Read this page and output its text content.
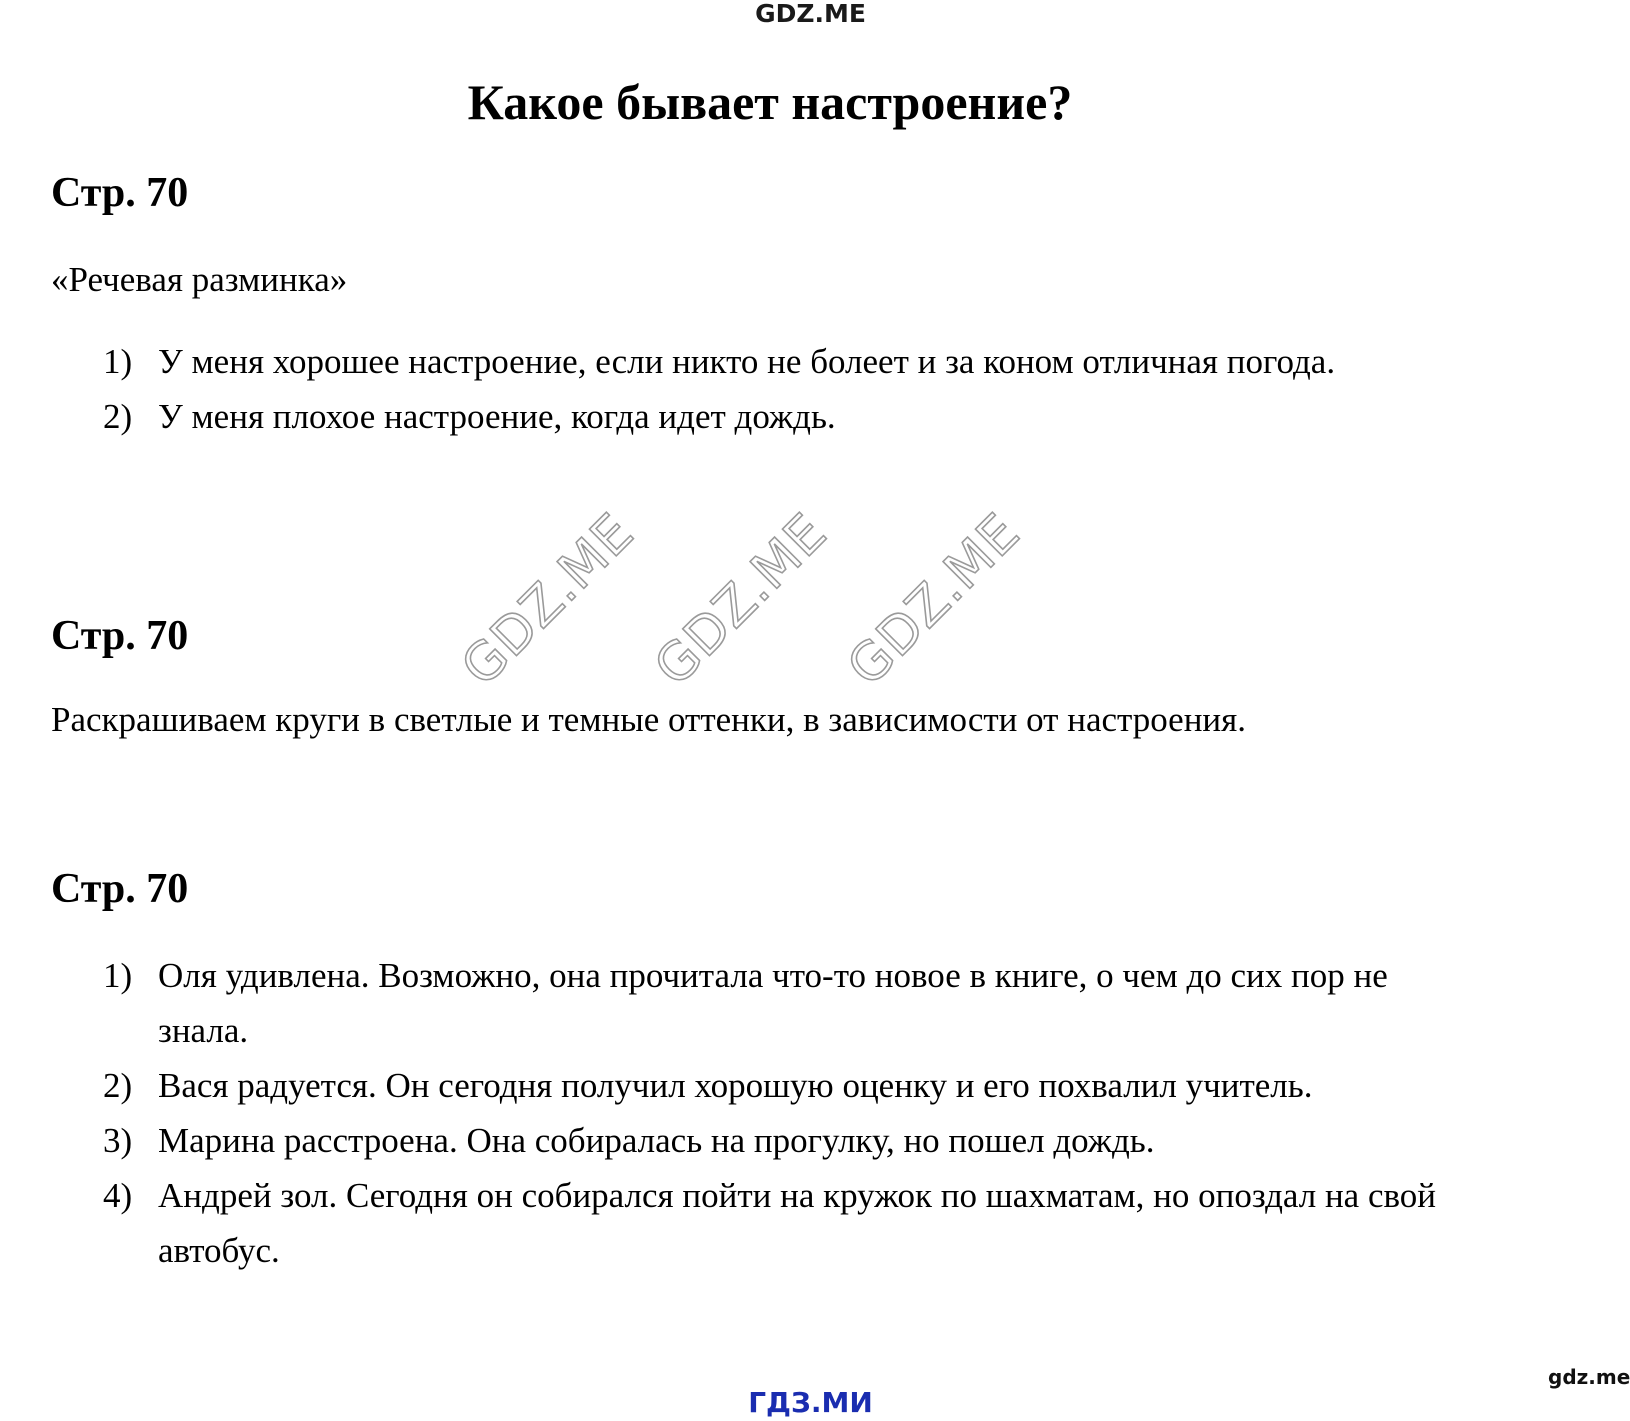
GDZ.ME
Какое бывает настроение?
Стр. 70
«Речевая разминка»
1) У меня хорошее настроение, если никто не болеет и за коном отличная погода.
2) У меня плохое настроение, когда идет дождь.
GDZ.ME
GDZ.ME
GDZ.ME
Стр. 70
Раскрашиваем круги в светлые и темные оттенки, в зависимости от настроения.
Стр. 70
1) Оля удивлена. Возможно, она прочитала что-то новое в книге, о чем до сих пор не знала.
2) Вася радуется. Он сегодня получил хорошую оценку и его похвалил учитель.
3) Марина расстроена. Она собиралась на прогулку, но пошел дождь.
4) Андрей зол. Сегодня он собирался пойти на кружок по шахматам, но опоздал на свой автобус.
gdz.me
ГДЗ.МИ
